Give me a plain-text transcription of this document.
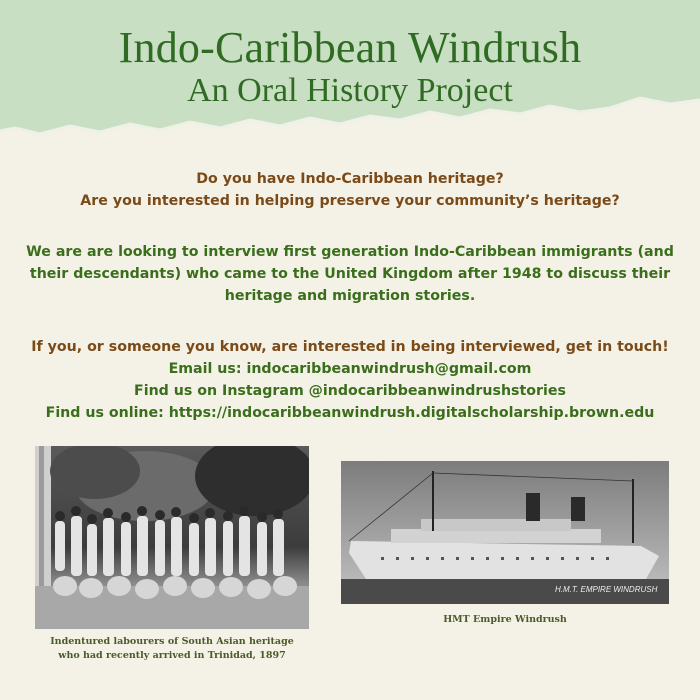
Indo-Caribbean Windrush
An Oral History Project
Do you have Indo-Caribbean heritage?
Are you interested in helping preserve your community’s heritage?
We are are looking to interview first generation Indo-Caribbean immigrants (and
their descendants) who came to the United Kingdom after 1948 to discuss their
heritage and migration stories.
If you, or someone you know, are interested in being interviewed, get in touch!
Email us: indocaribbeanwindrush@gmail.com
Find us on Instagram @indocaribbeanwindrushstories
Find us online: https://indocaribbeanwindrush.digitalscholarship.brown.edu
H.M.T. EMPIRE WINDRUSH
Indentured labourers of South Asian heritage
who had recently arrived in Trinidad, 1897
HMT Empire Windrush
